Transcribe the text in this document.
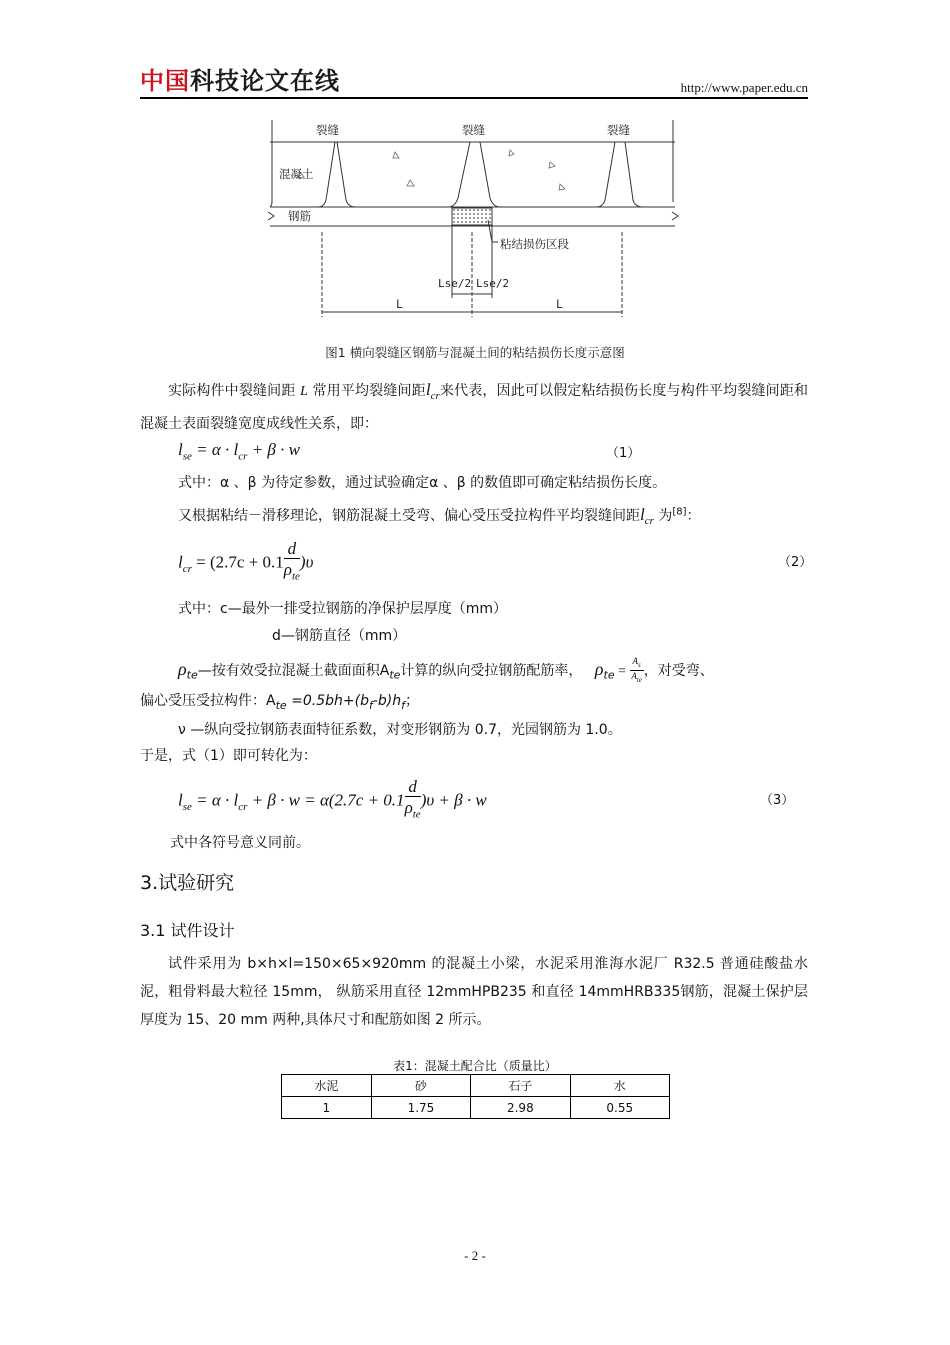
中国科技论文在线	http://www.paper.edu.cn
裂缝	裂缝	裂缝
混凝土
钢筋
粘结损伤区段
Lse/2 Lse/2
L	L
图1 横向裂缝区钢筋与混凝土间的粘结损伤长度示意图
实际构件中裂缝间距 L 常用平均裂缝间距$l_{cr}$来代表，因此可以假定粘结损伤长度与构件平均裂缝间距和混凝土表面裂缝宽度成线性关系，即：
$l_{se} = \alpha \cdot l_{cr} + \beta \cdot w$	（1）
式中：α 、β 为待定参数，通过试验确定α 、β 的数值即可确定粘结损伤长度。
又根据粘结－滑移理论，钢筋混凝土受弯、偏心受压受拉构件平均裂缝间距$l_{cr}$ 为[8]：
$l_{cr} = (2.7c + 0.1 \frac{d}{\rho_{te}} )\upsilon$	（2）
式中：c—最外一排受拉钢筋的净保护层厚度（mm）
d—钢筋直径（mm）
$\rho_{te}—$按有效受拉混凝土截面面积$A_{te}$计算的纵向受拉钢筋配筋率， $\rho_{te} = \frac{A_s}{A_{te}}$ ，对受弯、
偏心受压受拉构件：$A_{te} =0.5bh+(b_f-b)h_f$；
ν —纵向受拉钢筋表面特征系数，对变形钢筋为 0.7，光园钢筋为 1.0。
于是，式（1）即可转化为：
$l_{se} = \alpha \cdot l_{cr} + \beta \cdot w = \alpha(2.7c + 0.1 \frac{d}{\rho_{te}} )\upsilon + \beta \cdot w$	（3）
式中各符号意义同前。
3.试验研究
3.1 试件设计
试件采用为 b×h×l=150×65×920mm 的混凝土小梁，水泥采用淮海水泥厂 R32.5 普通硅酸盐水泥，粗骨料最大粒径 15mm， 纵筋采用直径 12mmHPB235 和直径 14mmHRB335钢筋，混凝土保护层厚度为 15、20 mm 两种,具体尺寸和配筋如图 2 所示。
表1：混凝土配合比（质量比）
水泥	砂	石子	水
1	1.75	2.98	0.55
- 2 -
